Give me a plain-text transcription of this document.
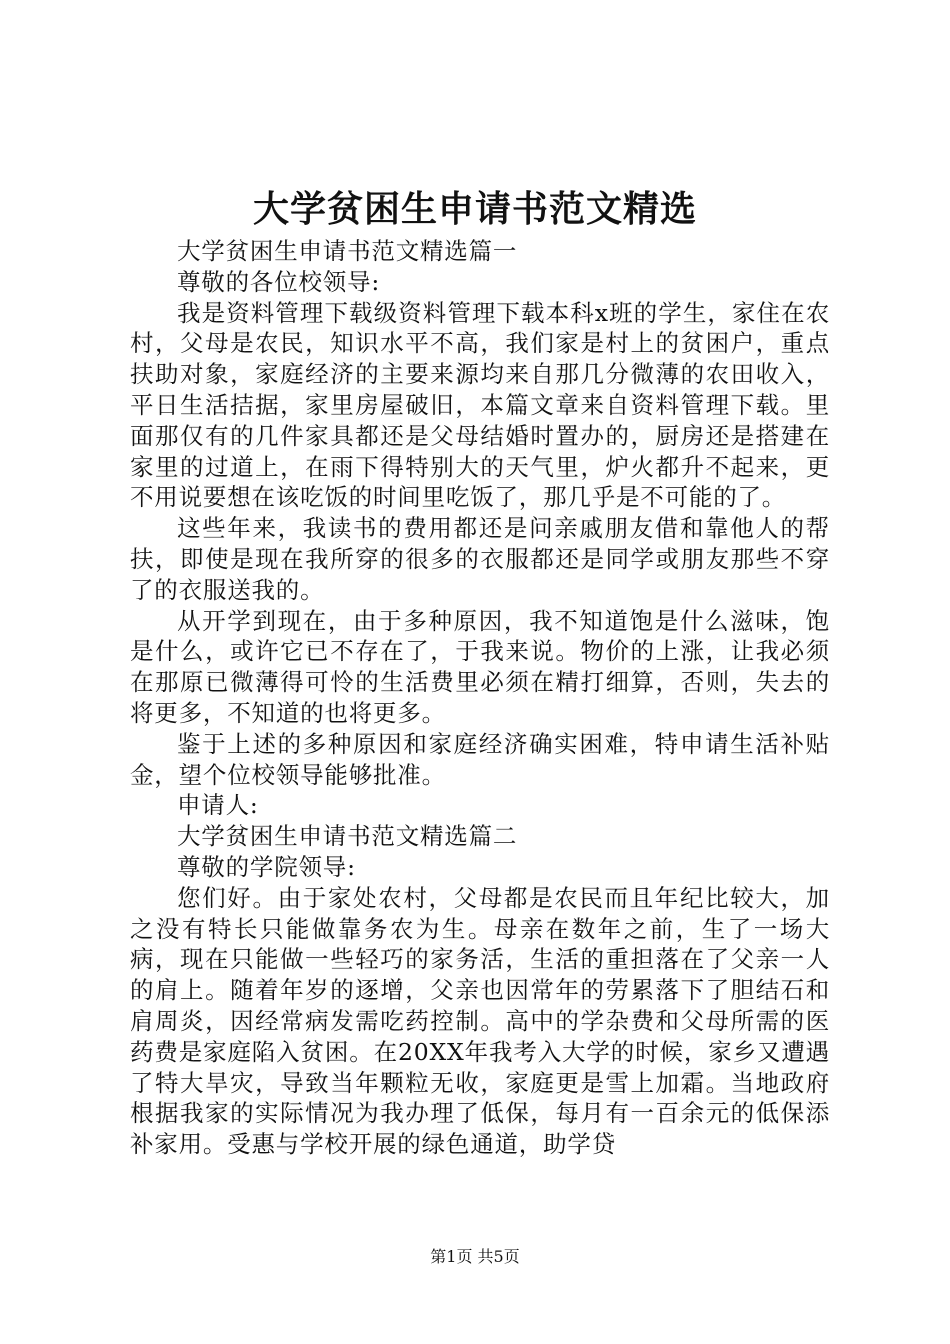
大学贫困生申请书范文精选

大学贫困生申请书范文精选篇一

尊敬的各位校领导:

我是资料管理下载级资料管理下载本科x班的学生，家住在农村，父母是农民，知识水平不高，我们家是村上的贫困户，重点扶助对象，家庭经济的主要来源均来自那几分微薄的农田收入，平日生活拮据，家里房屋破旧，本篇文章来自资料管理下载。里面那仅有的几件家具都还是父母结婚时置办的，厨房还是搭建在家里的过道上，在雨下得特别大的天气里，炉火都升不起来，更不用说要想在该吃饭的时间里吃饭了，那几乎是不可能的了。

这些年来，我读书的费用都还是问亲戚朋友借和靠他人的帮扶，即使是现在我所穿的很多的衣服都还是同学或朋友那些不穿了的衣服送我的。

从开学到现在，由于多种原因，我不知道饱是什么滋味，饱是什么，或许它已不存在了，于我来说。物价的上涨，让我必须在那原已微薄得可怜的生活费里必须在精打细算，否则，失去的将更多，不知道的也将更多。

鉴于上述的多种原因和家庭经济确实困难，特申请生活补贴金，望个位校领导能够批准。

申请人:

大学贫困生申请书范文精选篇二

尊敬的学院领导:

您们好。由于家处农村，父母都是农民而且年纪比较大，加之没有特长只能做靠务农为生。母亲在数年之前，生了一场大病，现在只能做一些轻巧的家务活，生活的重担落在了父亲一人的肩上。随着年岁的逐增，父亲也因常年的劳累落下了胆结石和肩周炎，因经常病发需吃药控制。高中的学杂费和父母所需的医药费是家庭陷入贫困。在20XX年我考入大学的时候，家乡又遭遇了特大旱灾，导致当年颗粒无收，家庭更是雪上加霜。当地政府根据我家的实际情况为我办理了低保，每月有一百余元的低保添补家用。受惠与学校开展的绿色通道，助学贷

第1页 共5页
